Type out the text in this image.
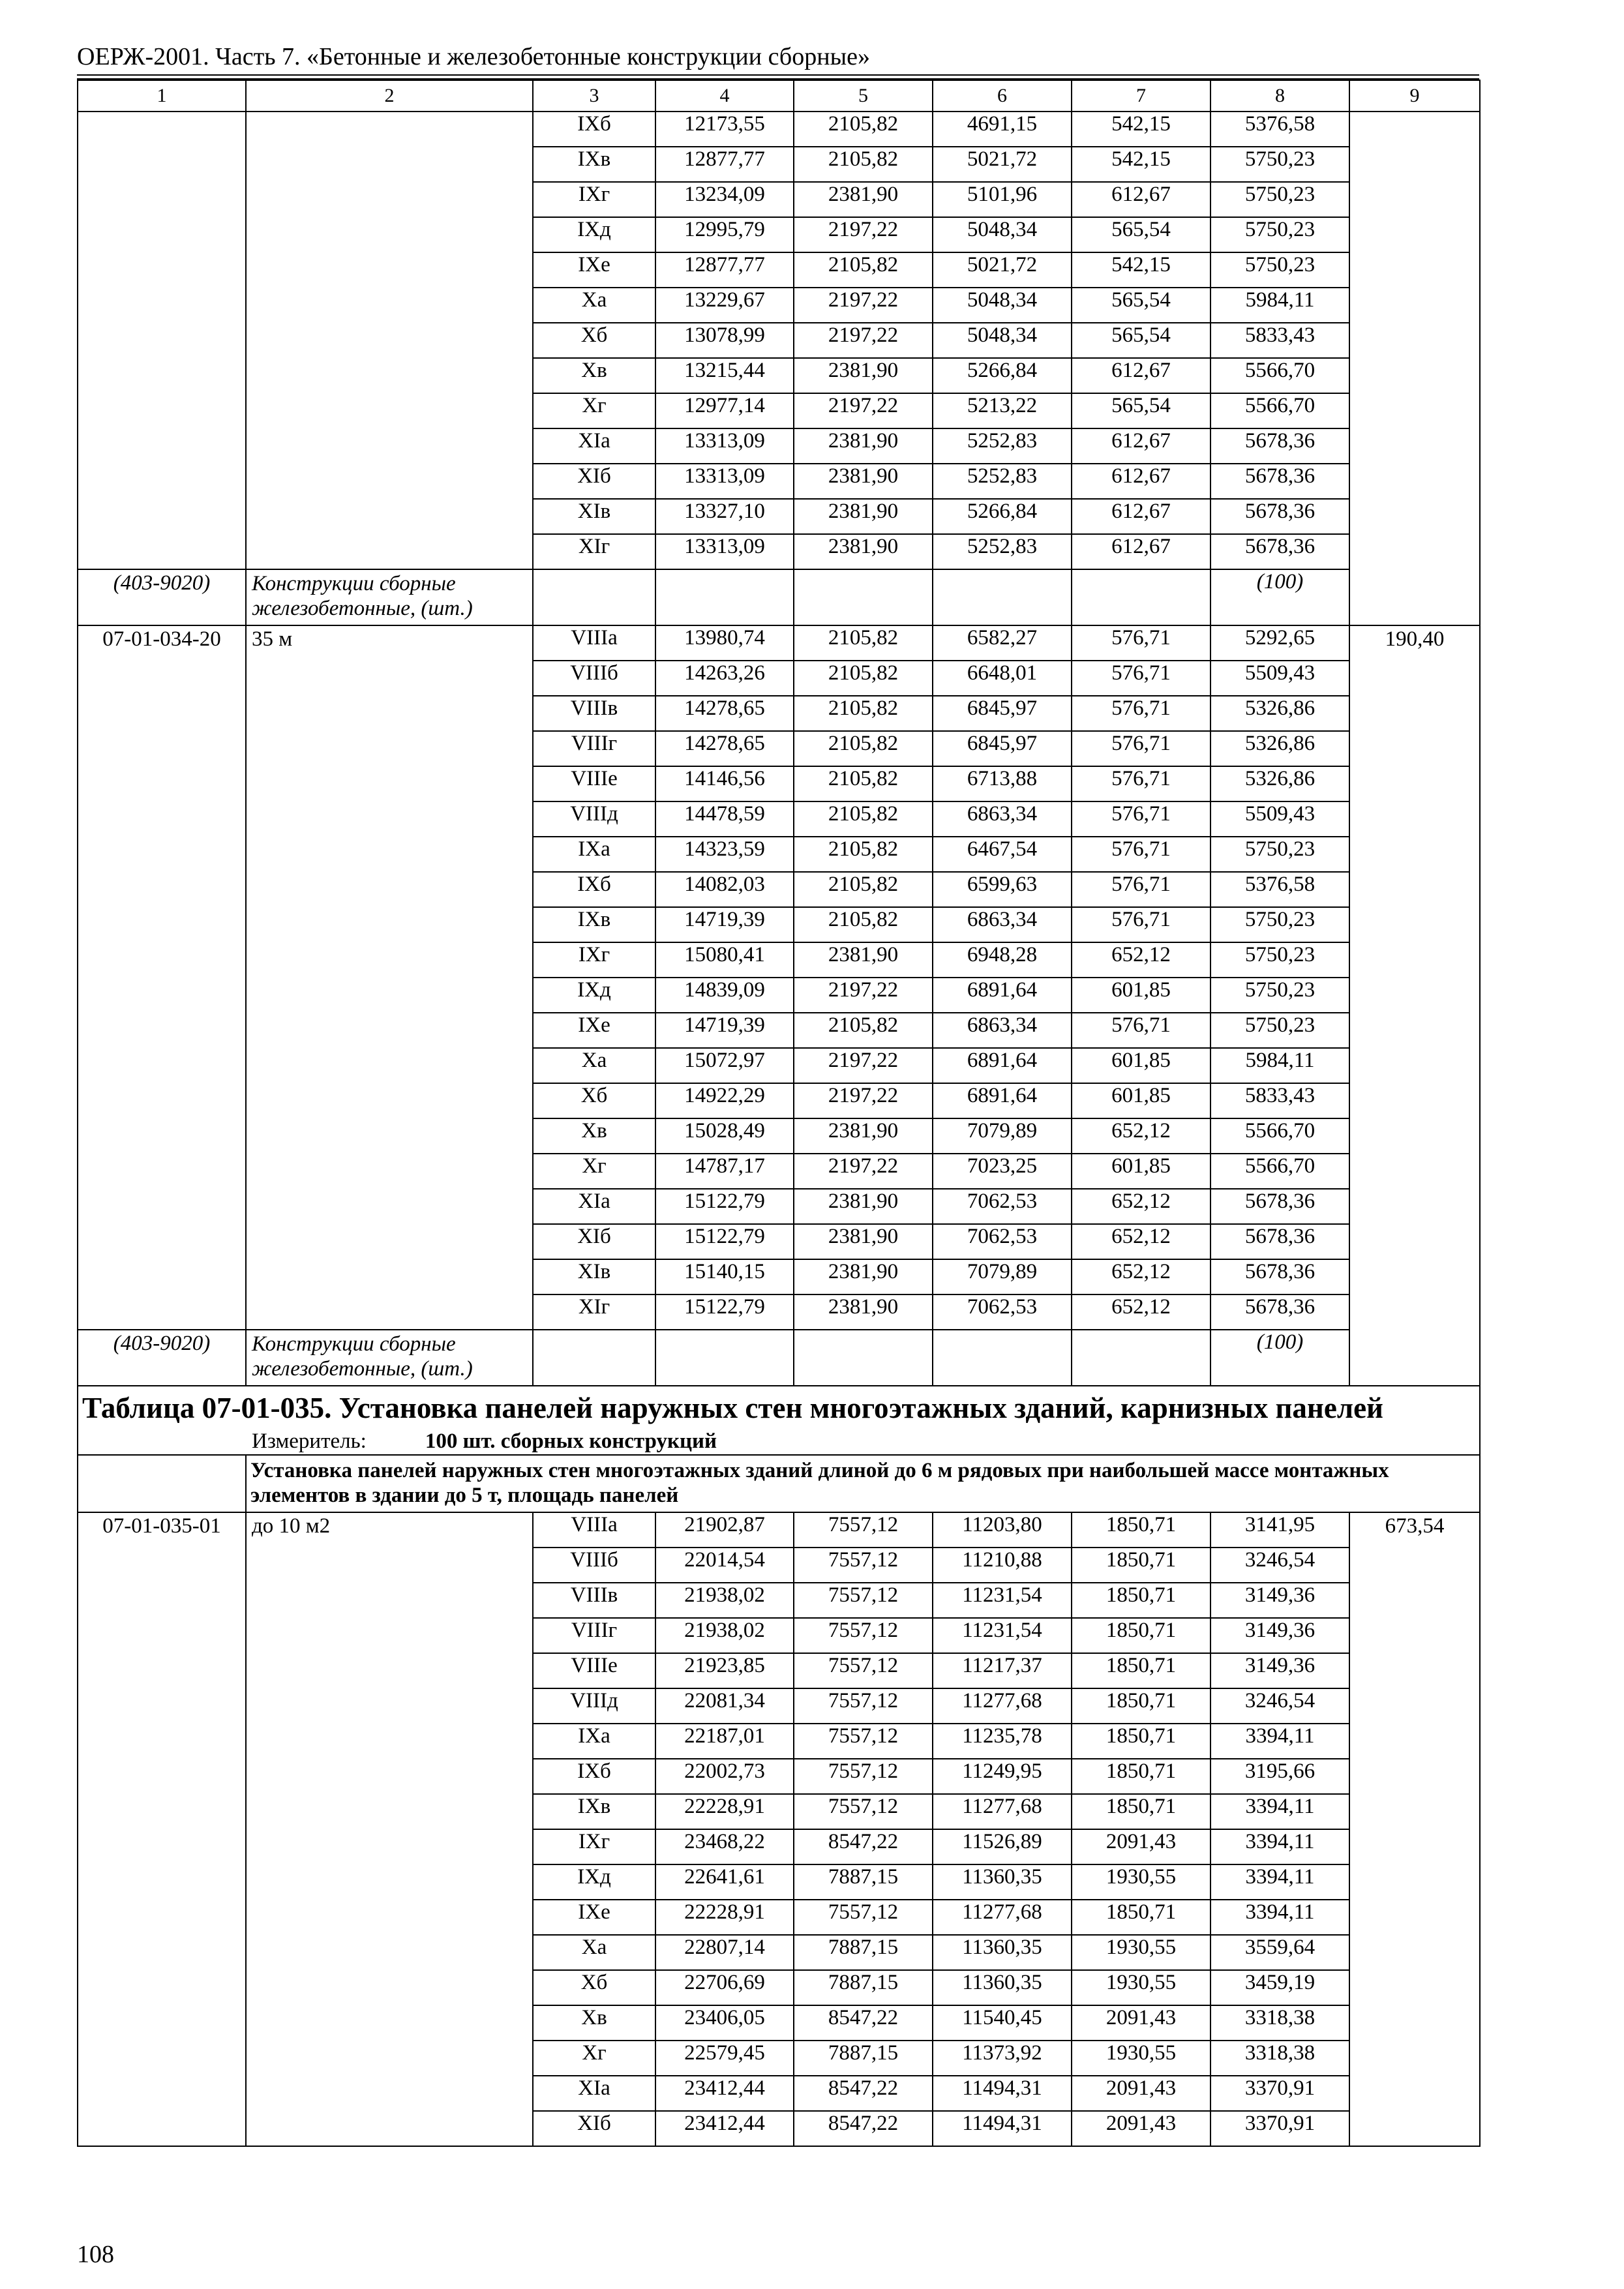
ОЕРЖ-2001. Часть 7. «Бетонные и железобетонные конструкции сборные»
1	2	3	4	5	6	7	8	9
		IXб	12173,55	2105,82	4691,15	542,15	5376,58	
		IXв	12877,77	2105,82	5021,72	542,15	5750,23	
		IXг	13234,09	2381,90	5101,96	612,67	5750,23	
		IXд	12995,79	2197,22	5048,34	565,54	5750,23	
		IXе	12877,77	2105,82	5021,72	542,15	5750,23	
		Xа	13229,67	2197,22	5048,34	565,54	5984,11	
		Xб	13078,99	2197,22	5048,34	565,54	5833,43	
		Xв	13215,44	2381,90	5266,84	612,67	5566,70	
		Xг	12977,14	2197,22	5213,22	565,54	5566,70	
		XIа	13313,09	2381,90	5252,83	612,67	5678,36	
		XIб	13313,09	2381,90	5252,83	612,67	5678,36	
		XIв	13327,10	2381,90	5266,84	612,67	5678,36	
		XIг	13313,09	2381,90	5252,83	612,67	5678,36	
(403-9020)	Конструкции сборные железобетонные, (шт.)						(100)	
07-01-034-20	35 м	VIIIа	13980,74	2105,82	6582,27	576,71	5292,65	190,40
		VIIIб	14263,26	2105,82	6648,01	576,71	5509,43	
		VIIIв	14278,65	2105,82	6845,97	576,71	5326,86	
		VIIIг	14278,65	2105,82	6845,97	576,71	5326,86	
		VIIIе	14146,56	2105,82	6713,88	576,71	5326,86	
		VIIIд	14478,59	2105,82	6863,34	576,71	5509,43	
		IXа	14323,59	2105,82	6467,54	576,71	5750,23	
		IXб	14082,03	2105,82	6599,63	576,71	5376,58	
		IXв	14719,39	2105,82	6863,34	576,71	5750,23	
		IXг	15080,41	2381,90	6948,28	652,12	5750,23	
		IXд	14839,09	2197,22	6891,64	601,85	5750,23	
		IXе	14719,39	2105,82	6863,34	576,71	5750,23	
		Xа	15072,97	2197,22	6891,64	601,85	5984,11	
		Xб	14922,29	2197,22	6891,64	601,85	5833,43	
		Xв	15028,49	2381,90	7079,89	652,12	5566,70	
		Xг	14787,17	2197,22	7023,25	601,85	5566,70	
		XIа	15122,79	2381,90	7062,53	652,12	5678,36	
		XIб	15122,79	2381,90	7062,53	652,12	5678,36	
		XIв	15140,15	2381,90	7079,89	652,12	5678,36	
		XIг	15122,79	2381,90	7062,53	652,12	5678,36	
(403-9020)	Конструкции сборные железобетонные, (шт.)						(100)	
Таблица 07-01-035. Установка панелей наружных стен многоэтажных зданий, карнизных панелей								
Измеритель: 100 шт. сборных конструкций								
	Установка панелей наружных стен многоэтажных зданий длиной до 6 м рядовых при наибольшей массе монтажных элементов в здании до 5 т, площадь панелей							
07-01-035-01	до 10 м2	VIIIа	21902,87	7557,12	11203,80	1850,71	3141,95	673,54
		VIIIб	22014,54	7557,12	11210,88	1850,71	3246,54	
		VIIIв	21938,02	7557,12	11231,54	1850,71	3149,36	
		VIIIг	21938,02	7557,12	11231,54	1850,71	3149,36	
		VIIIе	21923,85	7557,12	11217,37	1850,71	3149,36	
		VIIIд	22081,34	7557,12	11277,68	1850,71	3246,54	
		IXа	22187,01	7557,12	11235,78	1850,71	3394,11	
		IXб	22002,73	7557,12	11249,95	1850,71	3195,66	
		IXв	22228,91	7557,12	11277,68	1850,71	3394,11	
		IXг	23468,22	8547,22	11526,89	2091,43	3394,11	
		IXд	22641,61	7887,15	11360,35	1930,55	3394,11	
		IXе	22228,91	7557,12	11277,68	1850,71	3394,11	
		Xа	22807,14	7887,15	11360,35	1930,55	3559,64	
		Xб	22706,69	7887,15	11360,35	1930,55	3459,19	
		Xв	23406,05	8547,22	11540,45	2091,43	3318,38	
		Xг	22579,45	7887,15	11373,92	1930,55	3318,38	
		XIа	23412,44	8547,22	11494,31	2091,43	3370,91	
		XIб	23412,44	8547,22	11494,31	2091,43	3370,91	
108
